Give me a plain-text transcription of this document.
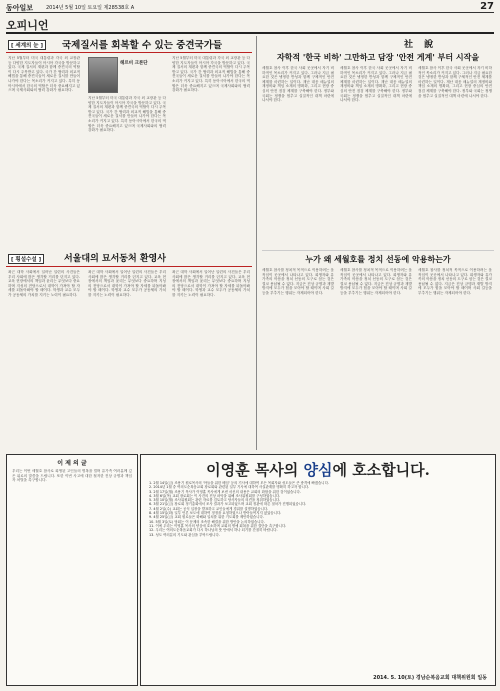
동아일보	2014년 5월 10일 토요일 제28538호 A	27
오피니언
[ 세계의 눈 ]	국제질서를 회복할 수 있는 중견국가들
지난 5월부터 미국 대통령과 각국 외 교장관 등 다양한 지도자들이 아시아 각국을 방문하고 있다. 국제 질서의 재편과 함께 중견국의 역할이 다시 주목받고 있다. 국가 간 협력과 외교적 해법을 통해 중견국들이 새로운 질서를 만들어 나가야 한다는 목소리가 커지고 있다. 특히 동아시아에서 한국의 역할은 더욱 중요해지고 있으며 국제사회와의 협력 강화가 필요하다.
헤르비 크론단
지난 5월부터 미국 대통령과 각국 외 교장관 등 다양한 지도자들이 아시아 각국을 방문하고 있다. 국제 질서의 재편과 함께 중견국의 역할이 다시 주목받고 있다. 국가 간 협력과 외교적 해법을 통해 중견국들이 새로운 질서를 만들어 나가야 한다는 목소리가 커지고 있다. 특히 동아시아에서 한국의 역할은 더욱 중요해지고 있으며 국제사회와의 협력 강화가 필요하다.
지난 5월부터 미국 대통령과 각국 외 교장관 등 다양한 지도자들이 아시아 각국을 방문하고 있다. 국제 질서의 재편과 함께 중견국의 역할이 다시 주목받고 있다. 국가 간 협력과 외교적 해법을 통해 중견국들이 새로운 질서를 만들어 나가야 한다는 목소리가 커지고 있다. 특히 동아시아에서 한국의 역할은 더욱 중요해지고 있으며 국제사회와의 협력 강화가 필요하다.
[ 횡설수설 ]	서울대의 묘서동처 환영사
최근 대학 사회에서 일어난 일련의 사건들은 우리 사회에 많은 생각할 거리를 던지고 있다. 교육 현장에서의 책임과 윤리는 무엇보다 중요하며 지성의 전당으로서 대학이 가져야 할 자세를 되돌아봐야 할 때이다. 학생과 교수 모두가 공동체의 가치를 지키는 노력이 필요하다.
최근 대학 사회에서 일어난 일련의 사건들은 우리 사회에 많은 생각할 거리를 던지고 있다. 교육 현장에서의 책임과 윤리는 무엇보다 중요하며 지성의 전당으로서 대학이 가져야 할 자세를 되돌아봐야 할 때이다. 학생과 교수 모두가 공동체의 가치를 지키는 노력이 필요하다.
최근 대학 사회에서 일어난 일련의 사건들은 우리 사회에 많은 생각할 거리를 던지고 있다. 교육 현장에서의 책임과 윤리는 무엇보다 중요하며 지성의 전당으로서 대학이 가져야 할 자세를 되돌아봐야 할 때이다. 학생과 교수 모두가 공동체의 가치를 지키는 노력이 필요하다.
社 說
자학적 '한국 비하' 그만하고 담장 '안전 게계' 부터 시작을
세월호 참사 이후 한국 사회 곳곳에서 자기 비하적인 목소리가 커지고 있다. 그러나 지금 필요한 것은 냉정한 반성과 함께 구체적인 안전 체계를 마련하는 일이다. 재난 대응 매뉴얼의 재정비와 책임 소재의 명확화, 그리고 현장 중심의 안전 점검 체계를 구축해야 한다. 정부와 국회는 정쟁을 멈추고 실질적인 대책 마련에 나서야 한다.
세월호 참사 이후 한국 사회 곳곳에서 자기 비하적인 목소리가 커지고 있다. 그러나 지금 필요한 것은 냉정한 반성과 함께 구체적인 안전 체계를 마련하는 일이다. 재난 대응 매뉴얼의 재정비와 책임 소재의 명확화, 그리고 현장 중심의 안전 점검 체계를 구축해야 한다. 정부와 국회는 정쟁을 멈추고 실질적인 대책 마련에 나서야 한다.
세월호 참사 이후 한국 사회 곳곳에서 자기 비하적인 목소리가 커지고 있다. 그러나 지금 필요한 것은 냉정한 반성과 함께 구체적인 안전 체계를 마련하는 일이다. 재난 대응 매뉴얼의 재정비와 책임 소재의 명확화, 그리고 현장 중심의 안전 점검 체계를 구축해야 한다. 정부와 국회는 정쟁을 멈추고 실질적인 대책 마련에 나서야 한다.
누가 왜 세월호를 정치 선동에 악용하는가
세월호 참사를 정치적 목적으로 이용하려는 움직임이 곳곳에서 나타나고 있다. 희생자와 유가족의 아픔을 정치 선동의 도구로 삼는 것은 결코 용납될 수 없다. 지금은 진상 규명과 재발 방지에 모두가 힘을 모아야 할 때이며 사회 갈등을 부추기는 행위는 자제되어야 한다.
세월호 참사를 정치적 목적으로 이용하려는 움직임이 곳곳에서 나타나고 있다. 희생자와 유가족의 아픔을 정치 선동의 도구로 삼는 것은 결코 용납될 수 없다. 지금은 진상 규명과 재발 방지에 모두가 힘을 모아야 할 때이며 사회 갈등을 부추기는 행위는 자제되어야 한다.
세월호 참사를 정치적 목적으로 이용하려는 움직임이 곳곳에서 나타나고 있다. 희생자와 유가족의 아픔을 정치 선동의 도구로 삼는 것은 결코 용납될 수 없다. 지금은 진상 규명과 재발 방지에 모두가 힘을 모아야 할 때이며 사회 갈등을 부추기는 행위는 자제되어야 한다.
이 제 의 글
우리는 이번 세월호 참사로 희생된 고인들의 명복을 빌며 유가족 여러분께 깊은 위로의 말씀을 드립니다. 또한 이번 사고에 대한 철저한 진상 규명과 책임자 처벌을 촉구합니다.
이영훈 목사의 양심에 호소합니다.
1. 2월 14일(금) 조용기 원로목사의 '아들을 위한 배임' 등의 기사에 대하여 모든 목회자와 성도들은 큰 충격에 빠졌습니다.
2. 2014년 1월 중 여의도순복음교회 장로회와 관련된 일부 기사에 대하여 사실관계를 명확히 하고자 합니다.
3. 2월 17일(월) 조용기 목사가 이영훈 목사에게 보낸 서신의 내용은 교회의 화합을 위한 것이었습니다.
4. 3월 6일(목) 교회 장로회는 이 사건의 진상 파악을 위해 조사위원회를 구성하였습니다.
5. 3월 10일(월) 조사위원회는 관련 자료를 검토하고 당사자들의 의견을 청취하였습니다.
6. 3월 21일(금) 장로회 정기총회에서 조사 결과가 보고되었으며 교회 정관에 따른 절차가 진행되었습니다.
7. 4월 2일(수) 교회는 공식 입장을 발표하고 교인들에게 경위를 설명하였습니다.
8. 4월 15일(화) 일부 언론 보도에 대하여 정정을 요청하였으나 받아들여지지 않았습니다.
9. 4월 25일(금) 교회 원로들은 화해와 일치를 위한 기도회를 제안하였습니다.
10. 5월 3일(토) 당회는 이 문제의 조속한 해결을 위한 방안을 논의하였습니다.
11. 이에 우리는 이영훈 목사의 양심에 호소하며 교회의 명예 회복을 위한 결단을 촉구합니다.
12. 우리는 여의도순복음교회가 다시 하나님의 뜻 안에서 하나 되기를 간절히 바랍니다.
13. 성도 여러분의 기도와 관심을 부탁드립니다.
2014. 5. 10(토) 경남순복음교회 대책위원회 일동
